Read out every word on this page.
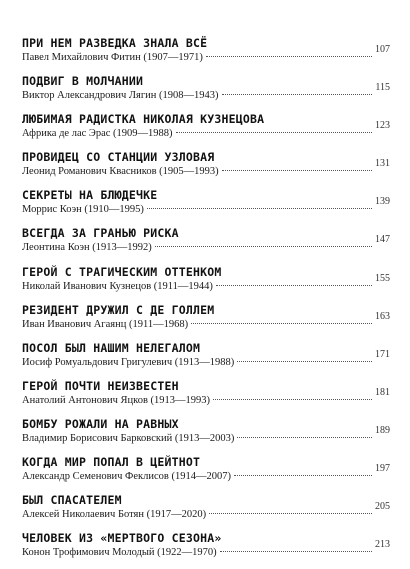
ПРИ НЕМ РАЗВЕДКА ЗНАЛА ВСЁ
Павел Михайлович Фитин (1907—1971)
107
ПОДВИГ В МОЛЧАНИИ
Виктор Александрович Лягин (1908—1943)
115
ЛЮБИМАЯ РАДИСТКА НИКОЛАЯ КУЗНЕЦОВА
Африка де лас Эрас (1909—1988)
123
ПРОВИДЕЦ СО СТАНЦИИ УЗЛОВАЯ
Леонид Романович Квасников (1905—1993)
131
СЕКРЕТЫ НА БЛЮДЕЧКЕ
Моррис Коэн (1910—1995)
139
ВСЕГДА ЗА ГРАНЬЮ РИСКА
Леонтина Коэн (1913—1992)
147
ГЕРОЙ С ТРАГИЧЕСКИМ ОТТЕНКОМ
Николай Иванович Кузнецов (1911—1944)
155
РЕЗИДЕНТ ДРУЖИЛ С ДЕ ГОЛЛЕМ
Иван Иванович Агаянц (1911—1968)
163
ПОСОЛ БЫЛ НАШИМ НЕЛЕГАЛОМ
Иосиф Ромуальдович Григулевич (1913—1988)
171
ГЕРОЙ ПОЧТИ НЕИЗВЕСТЕН
Анатолий Антонович Яцков (1913—1993)
181
БОМБУ РОЖАЛИ НА РАВНЫХ
Владимир Борисович Барковский (1913—2003)
189
КОГДА МИР ПОПАЛ В ЦЕЙТНОТ
Александр Семенович Феклисов (1914—2007)
197
БЫЛ СПАСАТЕЛЕМ
Алексей Николаевич Ботян (1917—2020)
205
ЧЕЛОВЕК ИЗ «МЕРТВОГО СЕЗОНА»
Конон Трофимович Молодый (1922—1970)
213
